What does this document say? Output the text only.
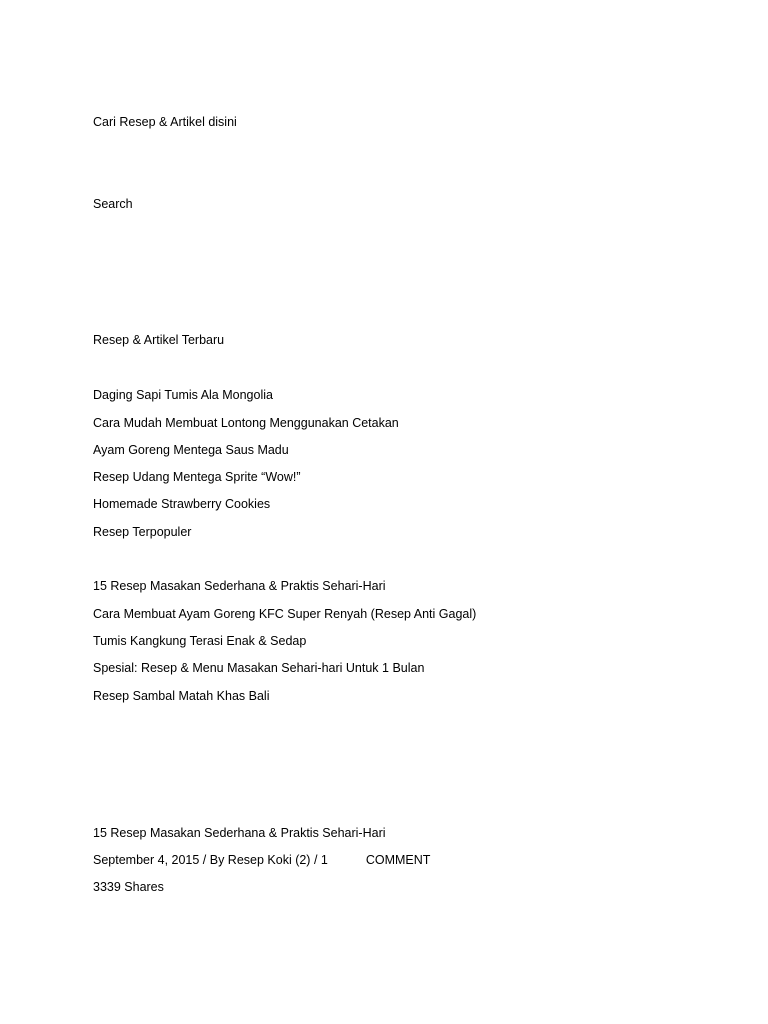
Cari Resep & Artikel disini
Search
Resep & Artikel Terbaru
Daging Sapi Tumis Ala Mongolia
Cara Mudah Membuat Lontong Menggunakan Cetakan
Ayam Goreng Mentega Saus Madu
Resep Udang Mentega Sprite “Wow!”
Homemade Strawberry Cookies
Resep Terpopuler
15 Resep Masakan Sederhana & Praktis Sehari-Hari
Cara Membuat Ayam Goreng KFC Super Renyah (Resep Anti Gagal)
Tumis Kangkung Terasi Enak & Sedap
Spesial: Resep & Menu Masakan Sehari-hari Untuk 1 Bulan
Resep Sambal Matah Khas Bali
15 Resep Masakan Sederhana & Praktis Sehari-Hari
September 4, 2015 / By Resep Koki (2) / 1	COMMENT
3339 Shares
